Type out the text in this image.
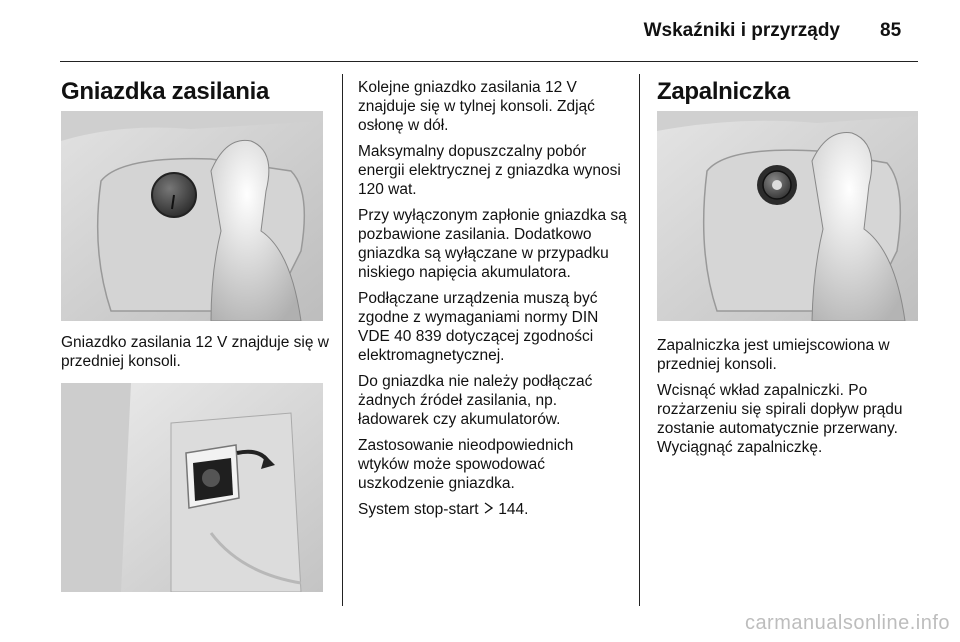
Wskaźniki i przyrządy 85
Gniazdka zasilania
Gniazdko zasilania 12 V znajduje się w przedniej konsoli.

Kolejne gniazdko zasilania 12 V znajduje się w tylnej konsoli. Zdjąć osłonę w dół.

Maksymalny dopuszczalny pobór energii elektrycznej z gniazdka wynosi 120 wat.

Przy wyłączonym zapłonie gniazdka są pozbawione zasilania. Dodatkowo gniazdka są wyłączane w przypadku niskiego napięcia akumulatora.

Podłączane urządzenia muszą być zgodne z wymaganiami normy DIN VDE 40 839 dotyczącej zgodności elektromagnetycznej.

Do gniazdka nie należy podłączać żadnych źródeł zasilania, np. ładowarek czy akumulatorów.

Zastosowanie nieodpowiednich wtyków może spowodować uszkodzenie gniazdka.

System stop-start 144.

Zapalniczka

Zapalniczka jest umiejscowiona w przedniej konsoli.

Wcisnąć wkład zapalniczki. Po rozżarzeniu się spirali dopływ prądu zostanie automatycznie przerwany. Wyciągnąć zapalniczkę.

carmanualsonline.info
